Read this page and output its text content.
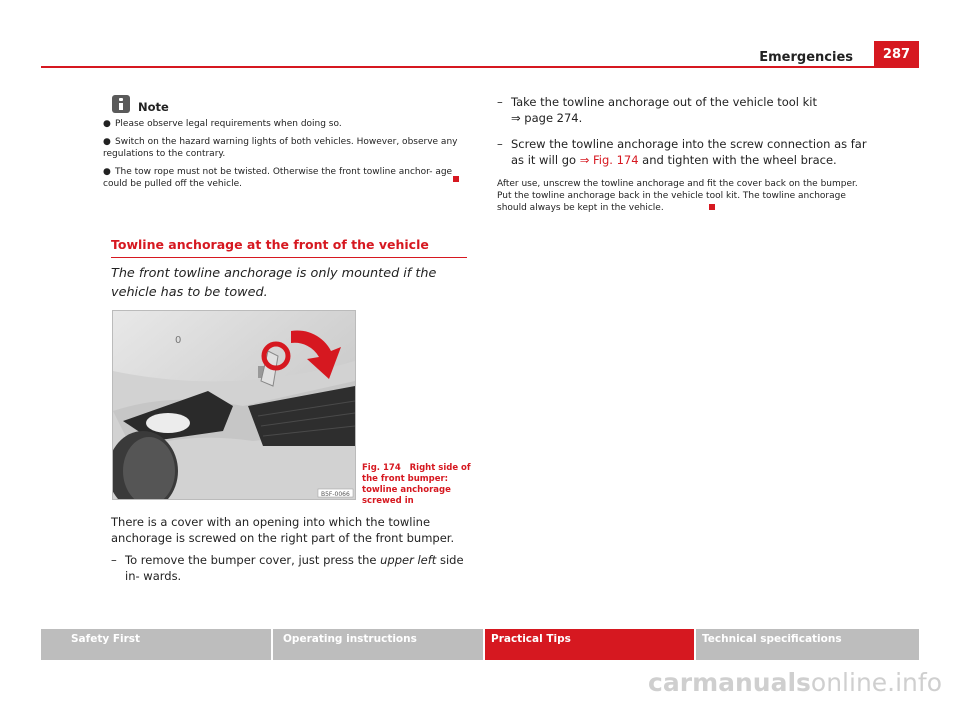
Emergencies	287
Note
● Please observe legal requirements when doing so.
● Switch on the hazard warning lights of both vehicles. However, observe any regulations to the contrary.
● The tow rope must not be twisted. Otherwise the front towline anchor- age could be pulled off the vehicle.
Towline anchorage at the front of the vehicle
The front towline anchorage is only mounted if the vehicle has to be towed.
0
B5F-0066
Fig. 174 Right side of the front bumper: towline anchorage screwed in
There is a cover with an opening into which the towline anchorage is screwed on the right part of the front bumper.
– To remove the bumper cover, just press the upper left side in- wards.
– Take the towline anchorage out of the vehicle tool kit
⇒ page 274.
– Screw the towline anchorage into the screw connection as far as it will go ⇒ Fig. 174 and tighten with the wheel brace.
After use, unscrew the towline anchorage and fit the cover back on the bumper. Put the towline anchorage back in the vehicle tool kit. The towline anchorage should always be kept in the vehicle.
Safety First	Operating instructions	Practical Tips	Technical specifications
carmanualsonline.info
